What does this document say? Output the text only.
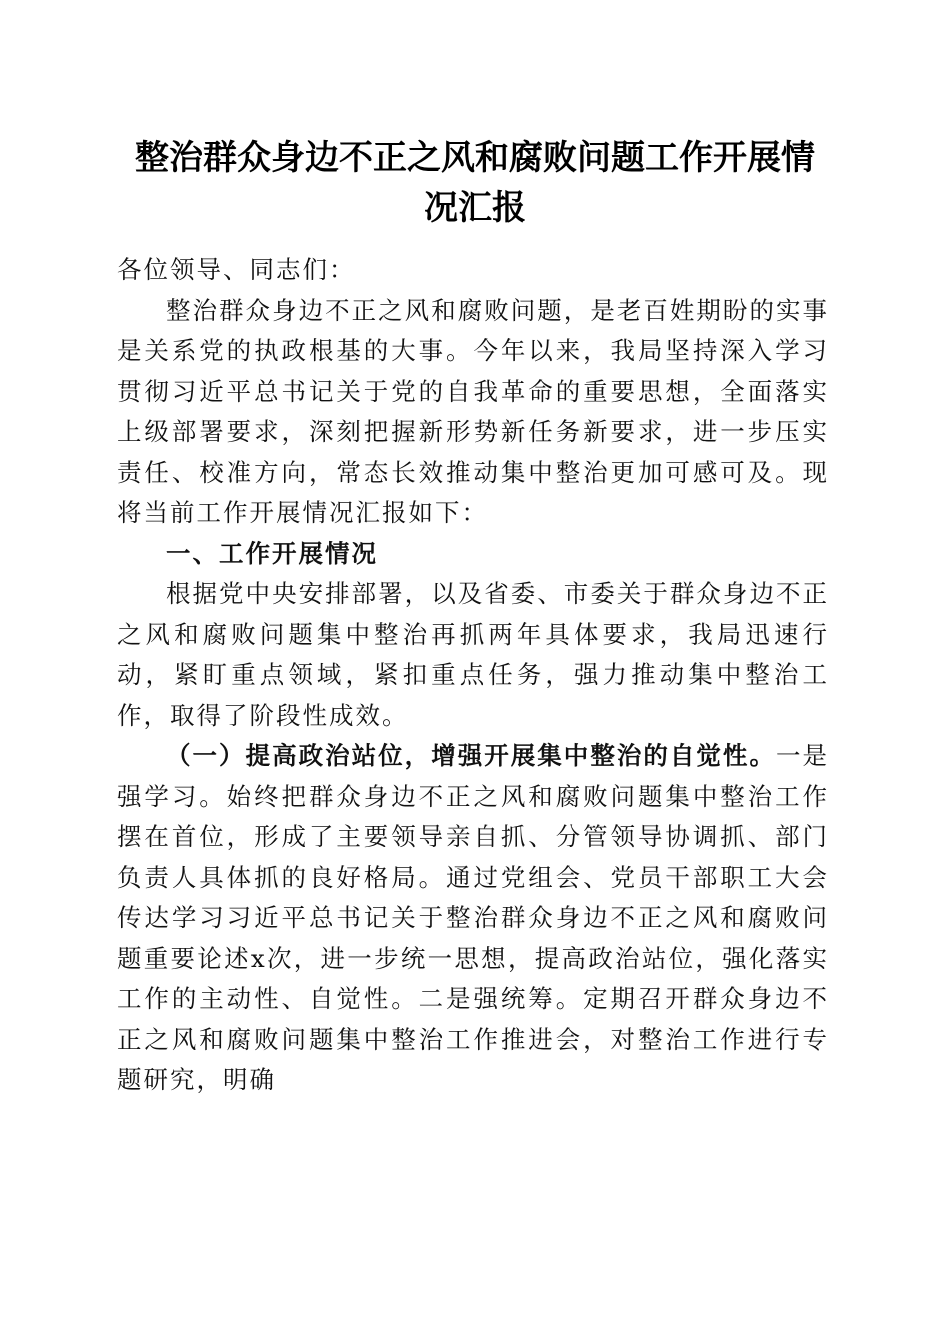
整治群众身边不正之风和腐败问题工作开展情
况汇报

各位领导、同志们：

整治群众身边不正之风和腐败问题，是老百姓期盼的实事是关系党的执政根基的大事。今年以来，我局坚持深入学习贯彻习近平总书记关于党的自我革命的重要思想，全面落实上级部署要求，深刻把握新形势新任务新要求，进一步压实责任、校准方向，常态长效推动集中整治更加可感可及。现将当前工作开展情况汇报如下：

一、工作开展情况

根据党中央安排部署，以及省委、市委关于群众身边不正之风和腐败问题集中整治再抓两年具体要求，我局迅速行动，紧盯重点领域，紧扣重点任务，强力推动集中整治工作，取得了阶段性成效。

（一）提高政治站位，增强开展集中整治的自觉性。一是强学习。始终把群众身边不正之风和腐败问题集中整治工作摆在首位，形成了主要领导亲自抓、分管领导协调抓、部门负责人具体抓的良好格局。通过党组会、党员干部职工大会传达学习习近平总书记关于整治群众身边不正之风和腐败问题重要论述x次，进一步统一思想，提高政治站位，强化落实工作的主动性、自觉性。二是强统筹。定期召开群众身边不正之风和腐败问题集中整治工作推进会，对整治工作进行专题研究，明确
